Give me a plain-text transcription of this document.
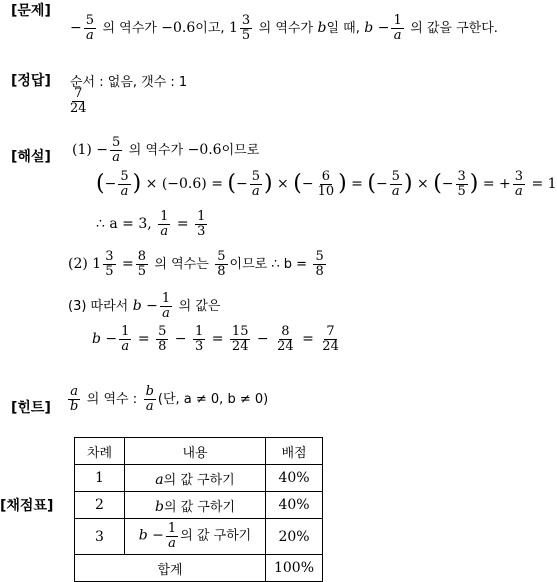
[문제]
− $\frac{5}{a}$ 의 역수가 −0.6이고, $1 \frac{3}{5}$ 의 역수가 b일 때, $b - \frac{1}{a}$ 의 값을 구한다.
[정답] 순서 : 없음, 갯수 : 1
$\frac{7}{24}$
[해설] $(1) - \frac{5}{a}$ 의 역수가 −0.6이므로
(− $\frac{5}{a}$ ) × (−0.6) = (− $\frac{5}{a}$ ) × (− $\frac{6}{10}$ ) = (− $\frac{5}{a}$ ) × (− $\frac{3}{5}$ ) = + $\frac{3}{a} = 1$
∴ a = 3, $\frac{1}{a} = \frac{1}{3}$
(2) $1 \frac{3}{5} = \frac{8}{5}$ 의 역수는 $\frac{5}{8}$ 이므로 ∴ $b = \frac{5}{8}$
(3) 따라서 $b - \frac{1}{a}$ 의 값은
$b - \frac{1}{a} = \frac{5}{8} - \frac{1}{3} = \frac{15}{24} - \frac{8}{24} = \frac{7}{24}$
[힌트] $\frac{a}{b}$ 의 역수 : $\frac{b}{a}$ (단, a ≠ 0, b ≠ 0)
[채점표]
차례	내용	배점
1	a의 값 구하기	40%
2	b의 값 구하기	40%
3	$b - \frac{1}{a}$ 의 값 구하기	20%
합계		100%
